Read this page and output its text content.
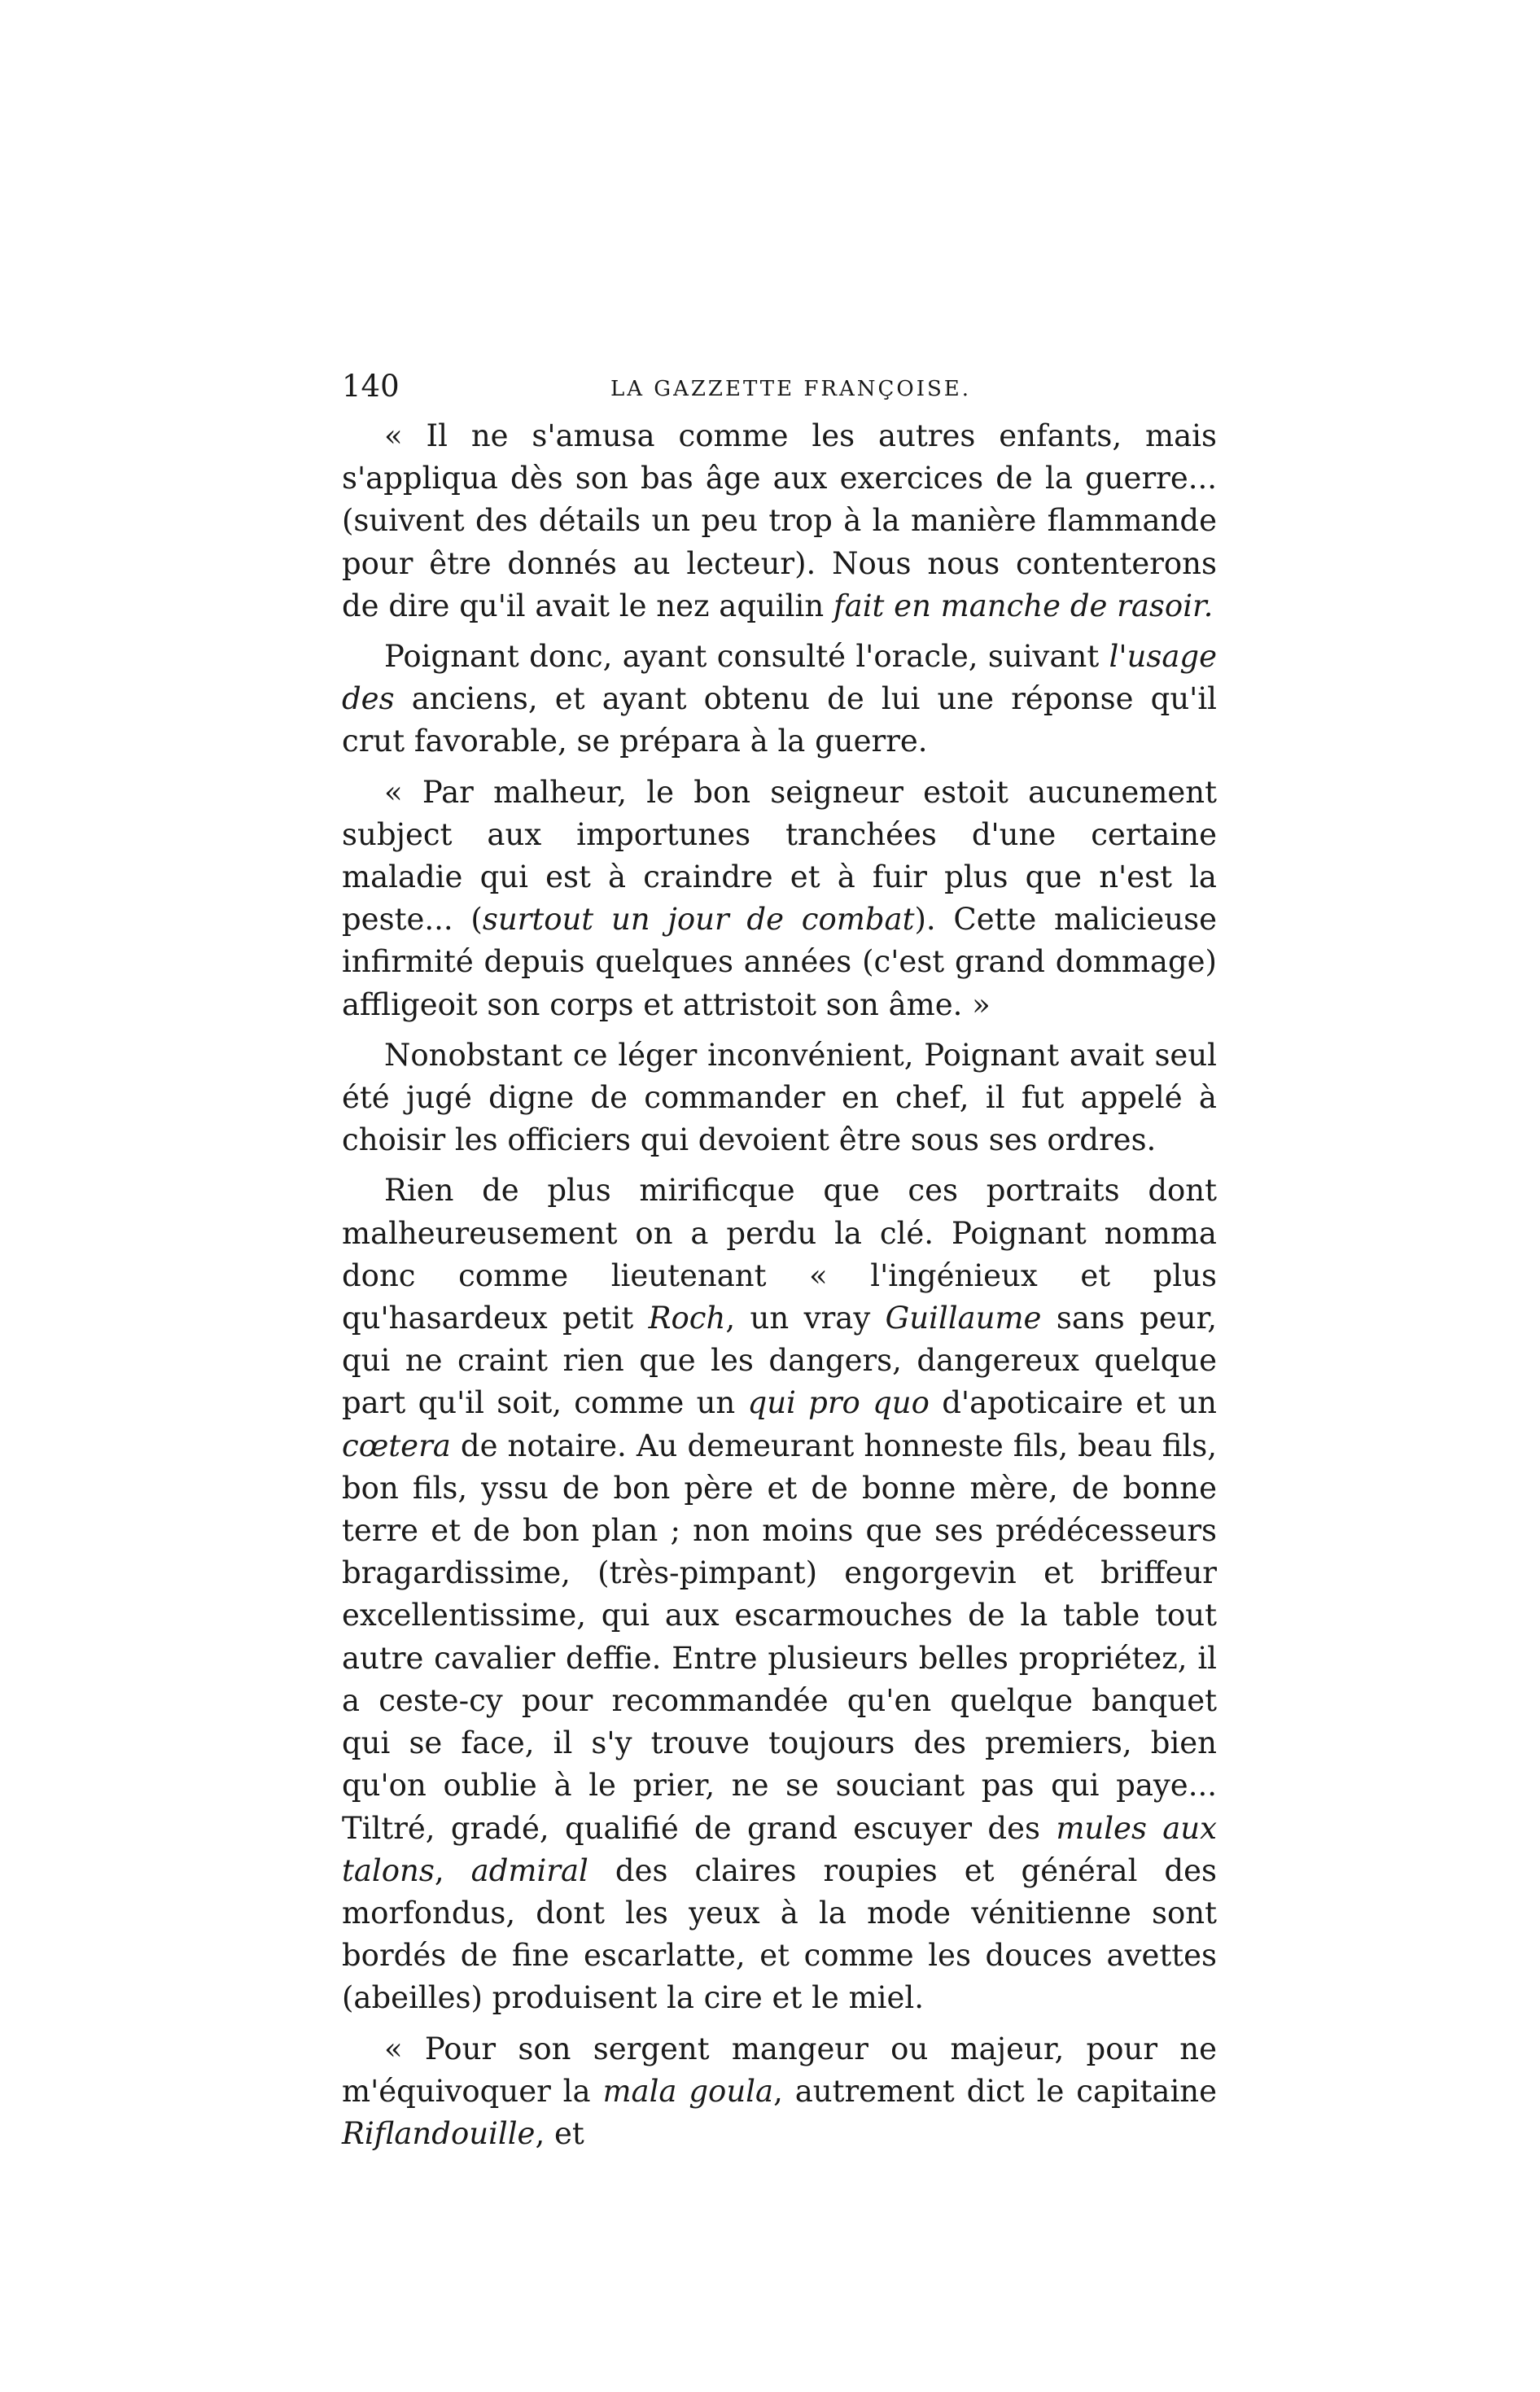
140	LA GAZZETTE FRANÇOISE.

« Il ne s'amusa comme les autres enfants, mais s'appliqua dès son bas âge aux exercices de la guerre... (suivent des détails un peu trop à la manière flammande pour être donnés au lecteur). Nous nous contenterons de dire qu'il avait le nez aquilin fait en manche de rasoir.

Poignant donc, ayant consulté l'oracle, suivant l'usage des anciens, et ayant obtenu de lui une réponse qu'il crut favorable, se prépara à la guerre.

« Par malheur, le bon seigneur estoit aucunement subject aux importunes tranchées d'une certaine maladie qui est à craindre et à fuir plus que n'est la peste... (surtout un jour de combat). Cette malicieuse infirmité depuis quelques années (c'est grand dommage) affligeoit son corps et attristoit son âme. »

Nonobstant ce léger inconvénient, Poignant avait seul été jugé digne de commander en chef, il fut appelé à choisir les officiers qui devoient être sous ses ordres.

Rien de plus mirificque que ces portraits dont malheureusement on a perdu la clé. Poignant nomma donc comme lieutenant « l'ingénieux et plus qu'hasardeux petit Roch, un vray Guillaume sans peur, qui ne craint rien que les dangers, dangereux quelque part qu'il soit, comme un qui pro quo d'apoticaire et un cœtera de notaire. Au demeurant honneste fils, beau fils, bon fils, yssu de bon père et de bonne mère, de bonne terre et de bon plan ; non moins que ses prédécesseurs bragardissime, (très-pimpant) engorgevin et briffeur excellentissime, qui aux escarmouches de la table tout autre cavalier deffie. Entre plusieurs belles propriétez, il a ceste-cy pour recommandée qu'en quelque banquet qui se face, il s'y trouve toujours des premiers, bien qu'on oublie à le prier, ne se souciant pas qui paye... Tiltré, gradé, qualifié de grand escuyer des mules aux talons, admiral des claires roupies et général des morfondus, dont les yeux à la mode vénitienne sont bordés de fine escarlatte, et comme les douces avettes (abeilles) produisent la cire et le miel.

« Pour son sergent mangeur ou majeur, pour ne m'équivoquer la mala goula, autrement dict le capitaine Riflandouille, et
